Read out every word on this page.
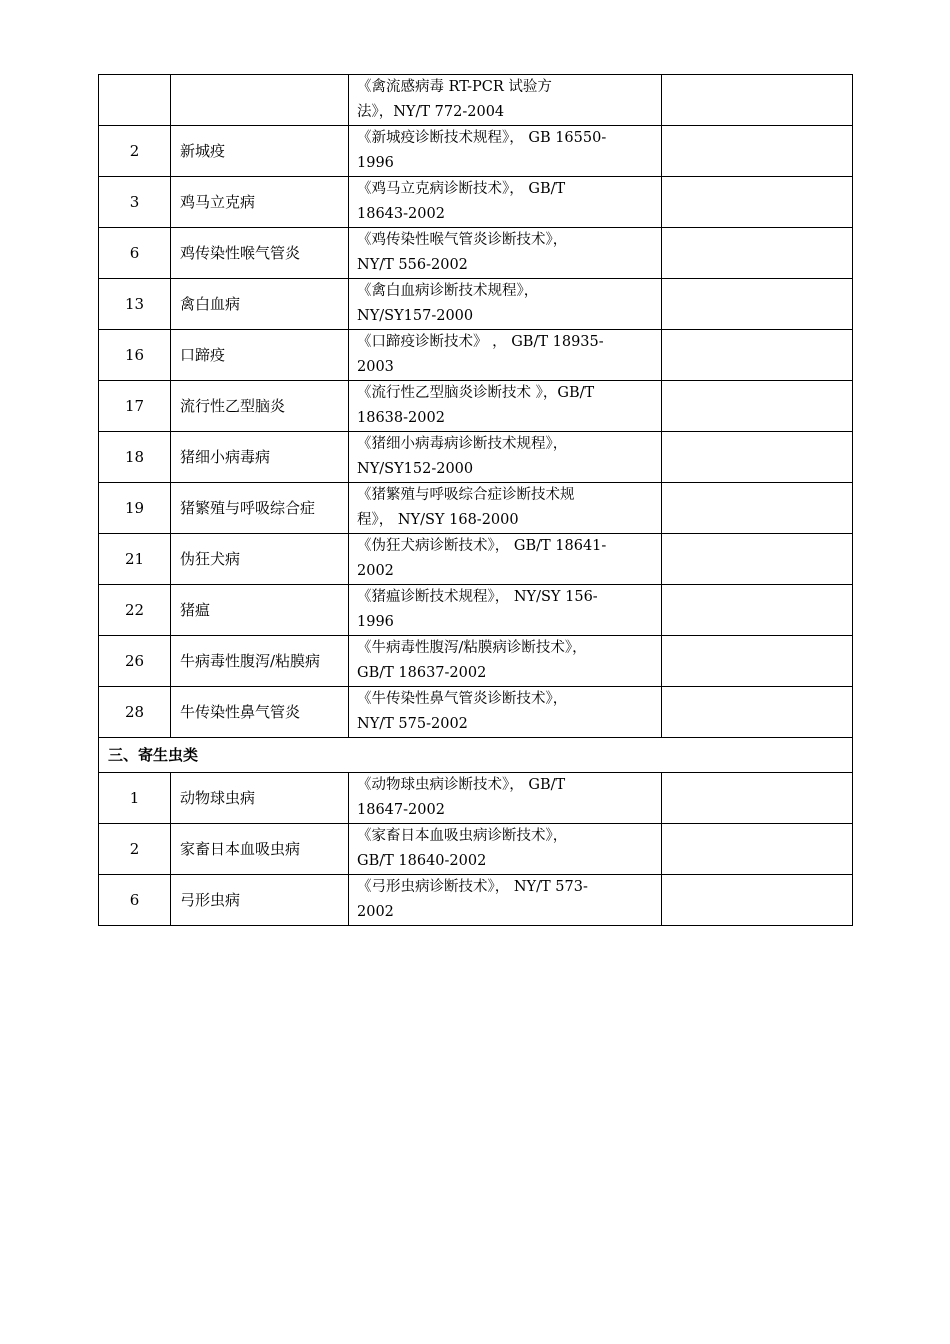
		《禽流感病毒 RT-PCR 试验方
法》，NY/T 772-2004	

2	新城疫	《新城疫诊断技术规程》， GB 16550-
1996	

3	鸡马立克病	《鸡马立克病诊断技术》， GB/T
18643-2002	

6	鸡传染性喉气管炎	《鸡传染性喉气管炎诊断技术》，
NY/T 556-2002	

13	禽白血病	《禽白血病诊断技术规程》，
NY/SY157-2000	

16	口蹄疫	《口蹄疫诊断技术》 ， GB/T 18935-
2003	

17	流行性乙型脑炎	《流行性乙型脑炎诊断技术 》，GB/T
18638-2002	

18	猪细小病毒病	《猪细小病毒病诊断技术规程》，
NY/SY152-2000	

19	猪繁殖与呼吸综合症	《猪繁殖与呼吸综合症诊断技术规
程》， NY/SY 168-2000	

21	伪狂犬病	《伪狂犬病诊断技术》， GB/T 18641-
2002	

22	猪瘟	《猪瘟诊断技术规程》， NY/SY 156-
1996	

26	牛病毒性腹泻/粘膜病	《牛病毒性腹泻/粘膜病诊断技术》，
GB/T 18637-2002	

28	牛传染性鼻气管炎	《牛传染性鼻气管炎诊断技术》，
NY/T 575-2002	

三、寄生虫类			
1	动物球虫病	《动物球虫病诊断技术》， GB/T
18647-2002	

2	家畜日本血吸虫病	《家畜日本血吸虫病诊断技术》，
GB/T 18640-2002	

6	弓形虫病	《弓形虫病诊断技术》， NY/T 573-
2002	
